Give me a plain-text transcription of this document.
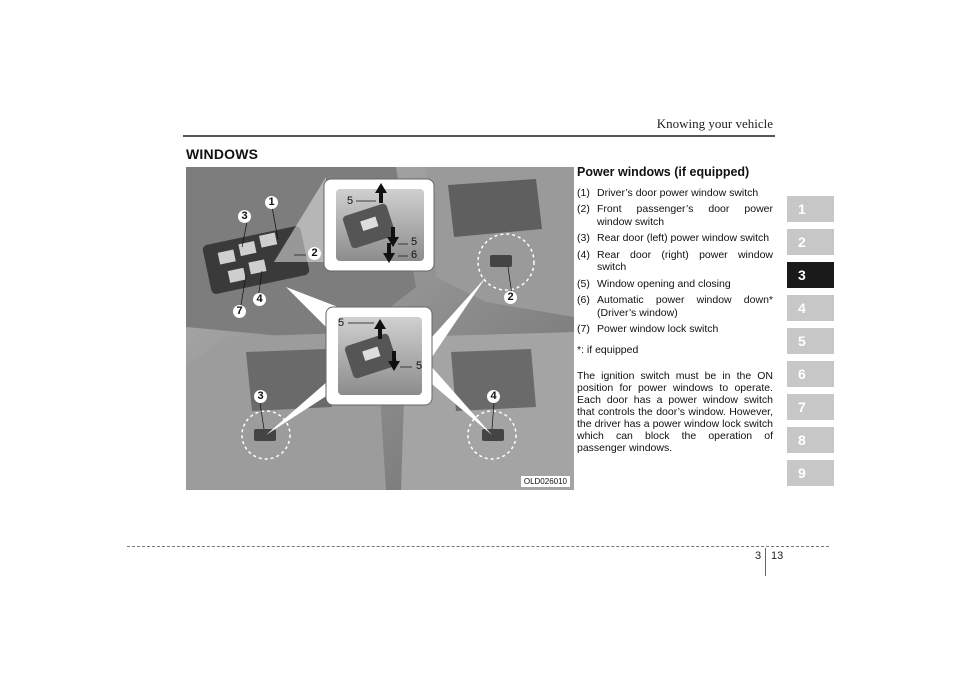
Knowing your vehicle
WINDOWS
1
3
2
4
7
2
3	4
5
5
6
5
5
OLD026010
Power windows (if equipped)
(1) Driver’s door power window switch
(2) Front passenger’s door power window switch
(3) Rear door (left) power window switch
(4) Rear door (right) power window switch
(5) Window opening and closing
(6) Automatic power window down* (Driver’s window)
(7) Power window lock switch
*: if equipped
The ignition switch must be in the ON position for power windows to operate. Each door has a power window switch that controls the door’s window. However, the driver has a power window lock switch which can block the operation of passenger windows.
1
2
3
4
5
6
7
8
9
3 13
